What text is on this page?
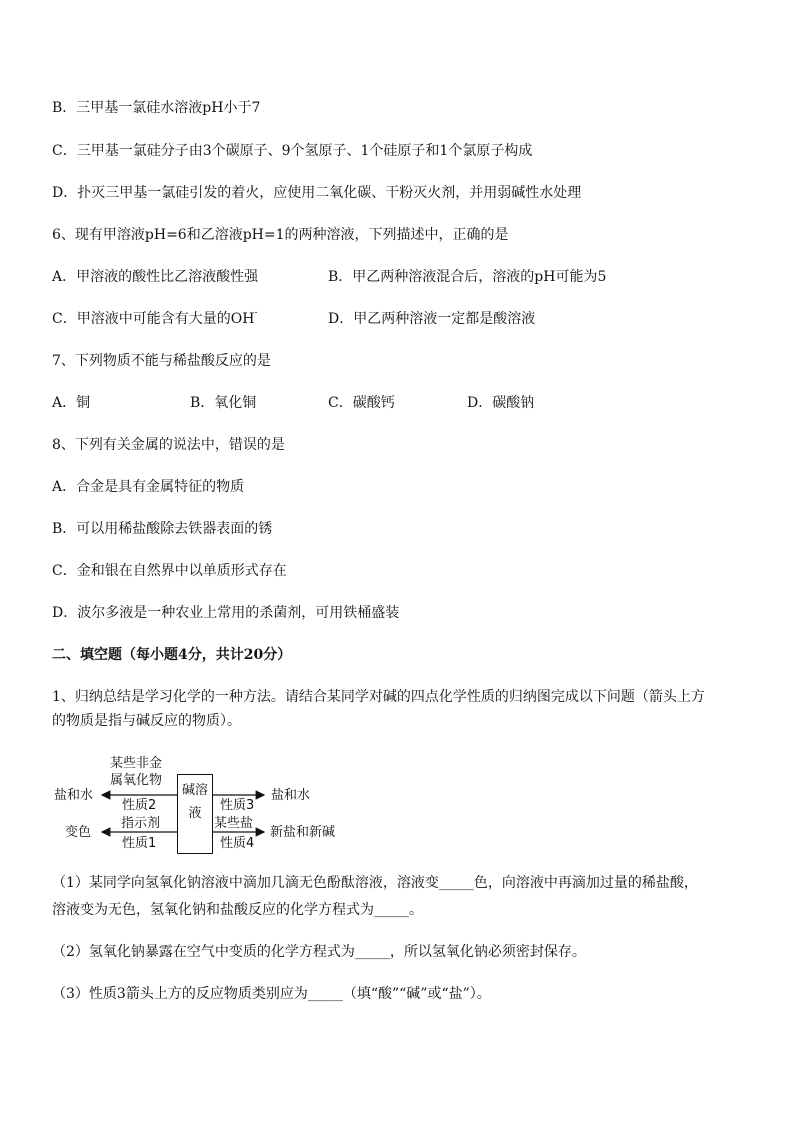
B．三甲基一氯硅水溶液pH小于7
C．三甲基一氯硅分子由3个碳原子、9个氢原子、1个硅原子和1个氯原子构成
D．扑灭三甲基一氯硅引发的着火，应使用二氧化碳、干粉灭火剂，并用弱碱性水处理
6、现有甲溶液pH=6和乙溶液pH=1的两种溶液，下列描述中，正确的是
A．甲溶液的酸性比乙溶液酸性强	B．甲乙两种溶液混合后，溶液的pH可能为5
C．甲溶液中可能含有大量的OH-	D．甲乙两种溶液一定都是酸溶液
7、下列物质不能与稀盐酸反应的是
A．铜	B．氧化铜	C．碳酸钙	D．碳酸钠
8、下列有关金属的说法中，错误的是
A．合金是具有金属特征的物质
B．可以用稀盐酸除去铁器表面的锈
C．金和银在自然界中以单质形式存在
D．波尔多液是一种农业上常用的杀菌剂，可用铁桶盛装
二、填空题（每小题4分，共计20分）
1、归纳总结是学习化学的一种方法。请结合某同学对碱的四点化学性质的归纳图完成以下问题（箭头上方
的物质是指与碱反应的物质）。
某些非金
属氧化物
盐和水
性质2
指示剂
变色
性质1
碱溶液
性质3
盐和水
某些盐
新盐和新碱
性质4
（1）某同学向氢氧化钠溶液中滴加几滴无色酚酞溶液，溶液变_____色，向溶液中再滴加过量的稀盐酸，
溶液变为无色，氢氧化钠和盐酸反应的化学方程式为_____。
（2）氢氧化钠暴露在空气中变质的化学方程式为_____，所以氢氧化钠必须密封保存。
（3）性质3箭头上方的反应物质类别应为_____（填“酸”“碱”或“盐”）。
